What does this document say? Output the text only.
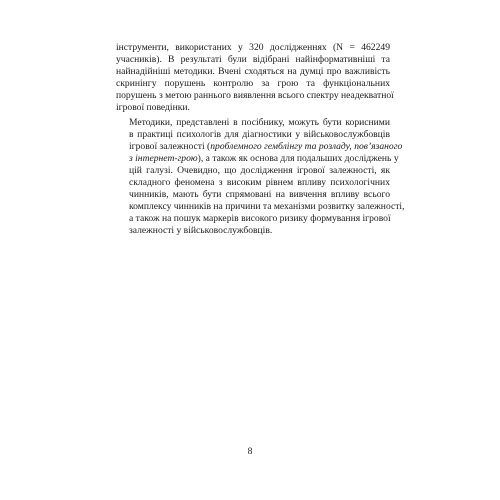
інструменти, використаних у 320 дослідженнях (N = 462249
учасників). В результаті були відібрані найінформативніші та
найнадійніші методики. Вчені сходяться на думці про важливість
скринінгу порушень контролю за грою та функціональних
порушень з метою раннього виявлення всього спектру неадекватної
ігрової поведінки.

Методики, представлені в посібнику, можуть бути корисними
в практиці психологів для діагностики у військовослужбовців
ігрової залежності (проблемного гемблінгу та розладу, пов’язаного
з інтернет-грою), а також як основа для подальших досліджень у
цій галузі. Очевидно, що дослідження ігрової залежності, як
складного феномена з високим рівнем впливу психологічних
чинників, мають бути спрямовані на вивчення впливу всього
комплексу чинників на причини та механізми розвитку залежності,
а також на пошук маркерів високого ризику формування ігрової
залежності у військовослужбовців.

8
